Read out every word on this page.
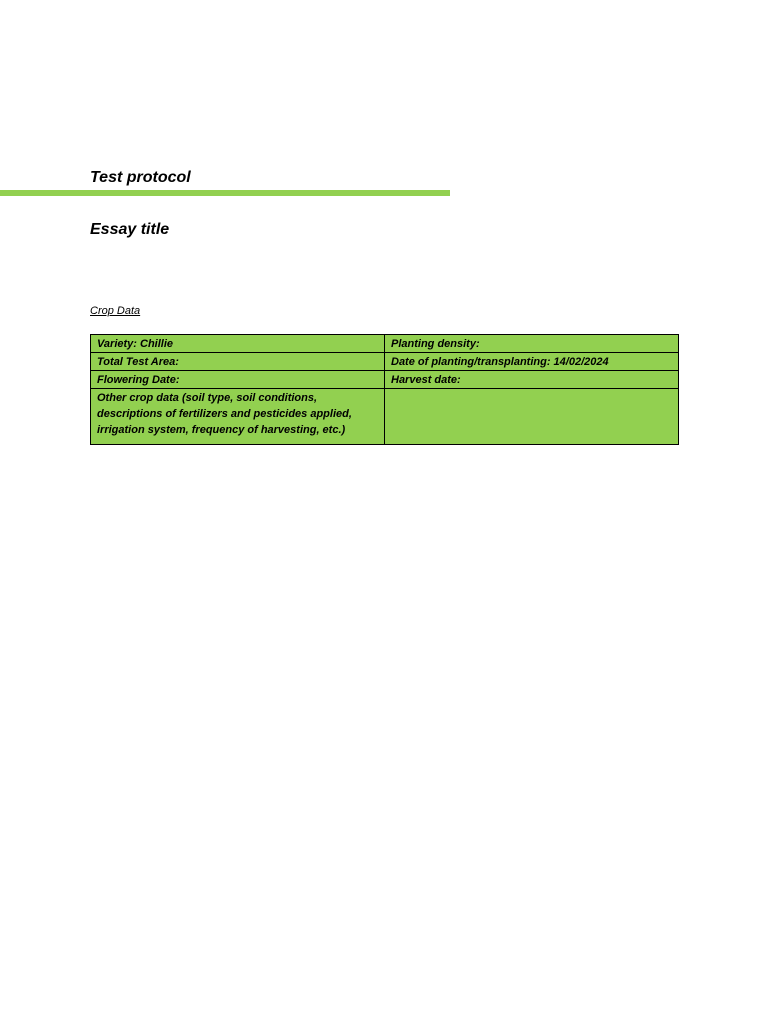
Test protocol
Essay title
Crop Data
Variety: Chillie	Planting density:
Total Test Area:	Date of planting/transplanting: 14/02/2024
Flowering Date:	Harvest date:
Other crop data (soil type, soil conditions, descriptions of fertilizers and pesticides applied, irrigation system, frequency of harvesting, etc.)	
